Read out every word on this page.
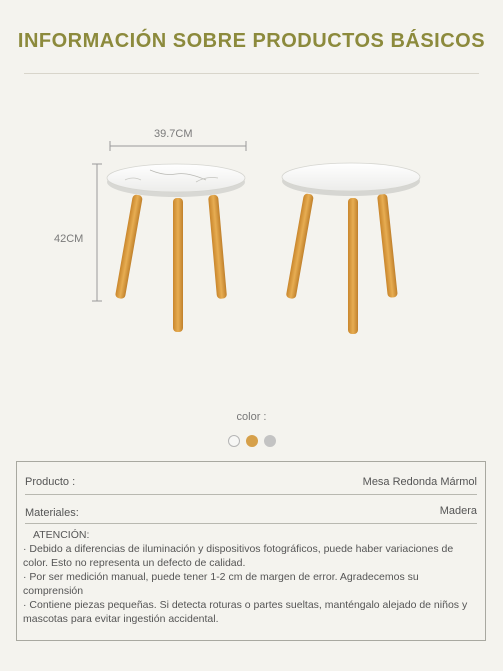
INFORMACIÓN SOBRE PRODUCTOS BÁSICOS
39.7CM
42CM
color :
Producto :	Mesa Redonda Mármol
Materiales:	Madera

ATENCIÓN:

· Debido a diferencias de iluminación y dispositivos fotográficos, puede haber variaciones de color. Esto no representa un defecto de calidad.

· Por ser medición manual, puede tener 1-2 cm de margen de error. Agradecemos su comprensión

· Contiene piezas pequeñas. Si detecta roturas o partes sueltas, manténgalo alejado de niños y mascotas para evitar ingestión accidental.
